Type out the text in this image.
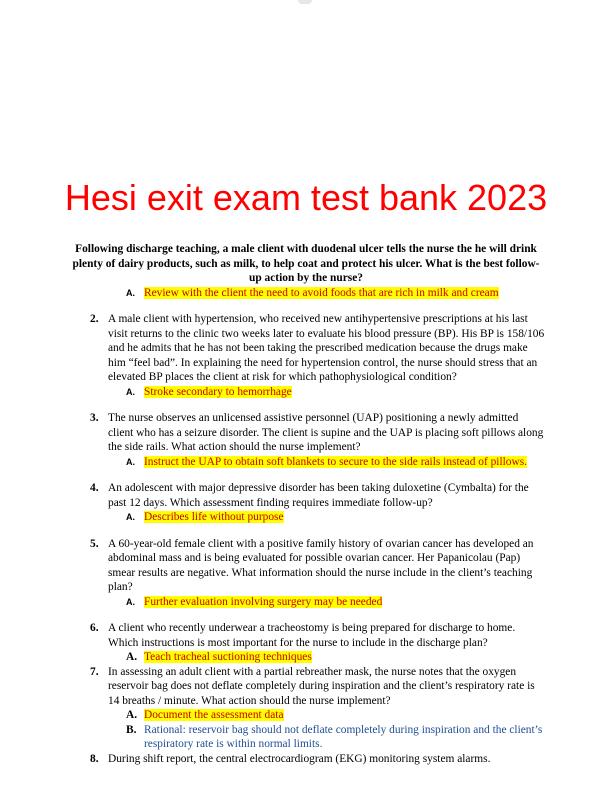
Hesi exit exam test bank 2023
Following discharge teaching, a male client with duodenal ulcer tells the nurse the he will drink plenty of dairy products, such as milk, to help coat and protect his ulcer. What is the best follow-up action by the nurse?
A. Review with the client the need to avoid foods that are rich in milk and cream
2. A male client with hypertension, who received new antihypertensive prescriptions at his last visit returns to the clinic two weeks later to evaluate his blood pressure (BP). His BP is 158/106 and he admits that he has not been taking the prescribed medication because the drugs make him “feel bad”. In explaining the need for hypertension control, the nurse should stress that an elevated BP places the client at risk for which pathophysiological condition?
A. Stroke secondary to hemorrhage
3. The nurse observes an unlicensed assistive personnel (UAP) positioning a newly admitted client who has a seizure disorder. The client is supine and the UAP is placing soft pillows along the side rails. What action should the nurse implement?
A. Instruct the UAP to obtain soft blankets to secure to the side rails instead of pillows.
4. An adolescent with major depressive disorder has been taking duloxetine (Cymbalta) for the past 12 days. Which assessment finding requires immediate follow-up?
A. Describes life without purpose
5. A 60-year-old female client with a positive family history of ovarian cancer has developed an abdominal mass and is being evaluated for possible ovarian cancer. Her Papanicolau (Pap) smear results are negative. What information should the nurse include in the client’s teaching plan?
A. Further evaluation involving surgery may be needed
6. A client who recently underwear a tracheostomy is being prepared for discharge to home. Which instructions is most important for the nurse to include in the discharge plan?
A. Teach tracheal suctioning techniques
7. In assessing an adult client with a partial rebreather mask, the nurse notes that the oxygen reservoir bag does not deflate completely during inspiration and the client’s respiratory rate is 14 breaths / minute. What action should the nurse implement?
A. Document the assessment data
B. Rational: reservoir bag should not deflate completely during inspiration and the client’s respiratory rate is within normal limits.
8. During shift report, the central electrocardiogram (EKG) monitoring system alarms.
